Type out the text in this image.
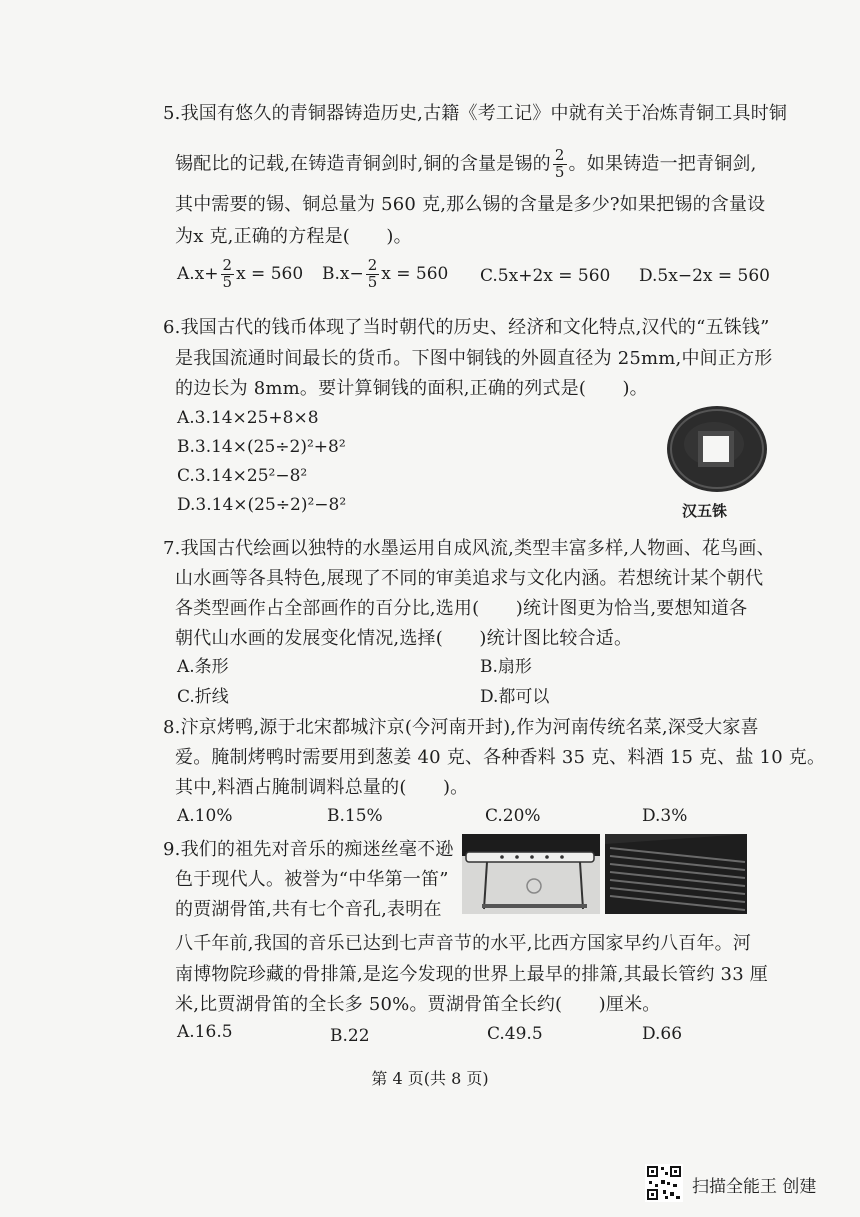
5.我国有悠久的青铜器铸造历史,古籍《考工记》中就有关于冶炼青铜工具时铜
锡配比的记载,在铸造青铜剑时,铜的含量是锡的 $\frac{2}{5}$ 。如果铸造一把青铜剑,
其中需要的锡、铜总量为 560 克,那么锡的含量是多少?如果把锡的含量设
为x 克,正确的方程是(　　)。
$A.x+ \frac{2}{5}$ x = 560 $B.x- \frac{2}{5}$ x = 560 C.5x+2x = 560 D.5x−2x = 560
6.我国古代的钱币体现了当时朝代的历史、经济和文化特点,汉代的“五铢钱”
是我国流通时间最长的货币。下图中铜钱的外圆直径为 25mm,中间正方形
的边长为 8mm。要计算铜钱的面积,正确的列式是(　　)。
A.3.14×25+8×8
B.3.14×(25÷2)²+8²
C.3.14×25²−8²
D.3.14×(25÷2)²−8²	汉五铢
7.我国古代绘画以独特的水墨运用自成风流,类型丰富多样,人物画、花鸟画、
山水画等各具特色,展现了不同的审美追求与文化内涵。若想统计某个朝代
各类型画作占全部画作的百分比,选用(　　)统计图更为恰当,要想知道各
朝代山水画的发展变化情况,选择(　　)统计图比较合适。
A.条形	B.扇形
C.折线	D.都可以
8.汴京烤鸭,源于北宋都城汴京(今河南开封),作为河南传统名菜,深受大家喜
爱。腌制烤鸭时需要用到葱姜 40 克、各种香料 35 克、料酒 15 克、盐 10 克。
其中,料酒占腌制调料总量的(　　)。
A.10%	B.15%	C.20%	D.3%
9.我们的祖先对音乐的痴迷丝毫不逊
色于现代人。被誉为“中华第一笛”
的贾湖骨笛,共有七个音孔,表明在
八千年前,我国的音乐已达到七声音节的水平,比西方国家早约八百年。河
南博物院珍藏的骨排箫,是迄今发现的世界上最早的排箫,其最长管约 33 厘
米,比贾湖骨笛的全长多 50%。贾湖骨笛全长约(　　)厘米。
A.16.5	B.22	C.49.5	D.66
第 4 页(共 8 页)
扫描全能王 创建
